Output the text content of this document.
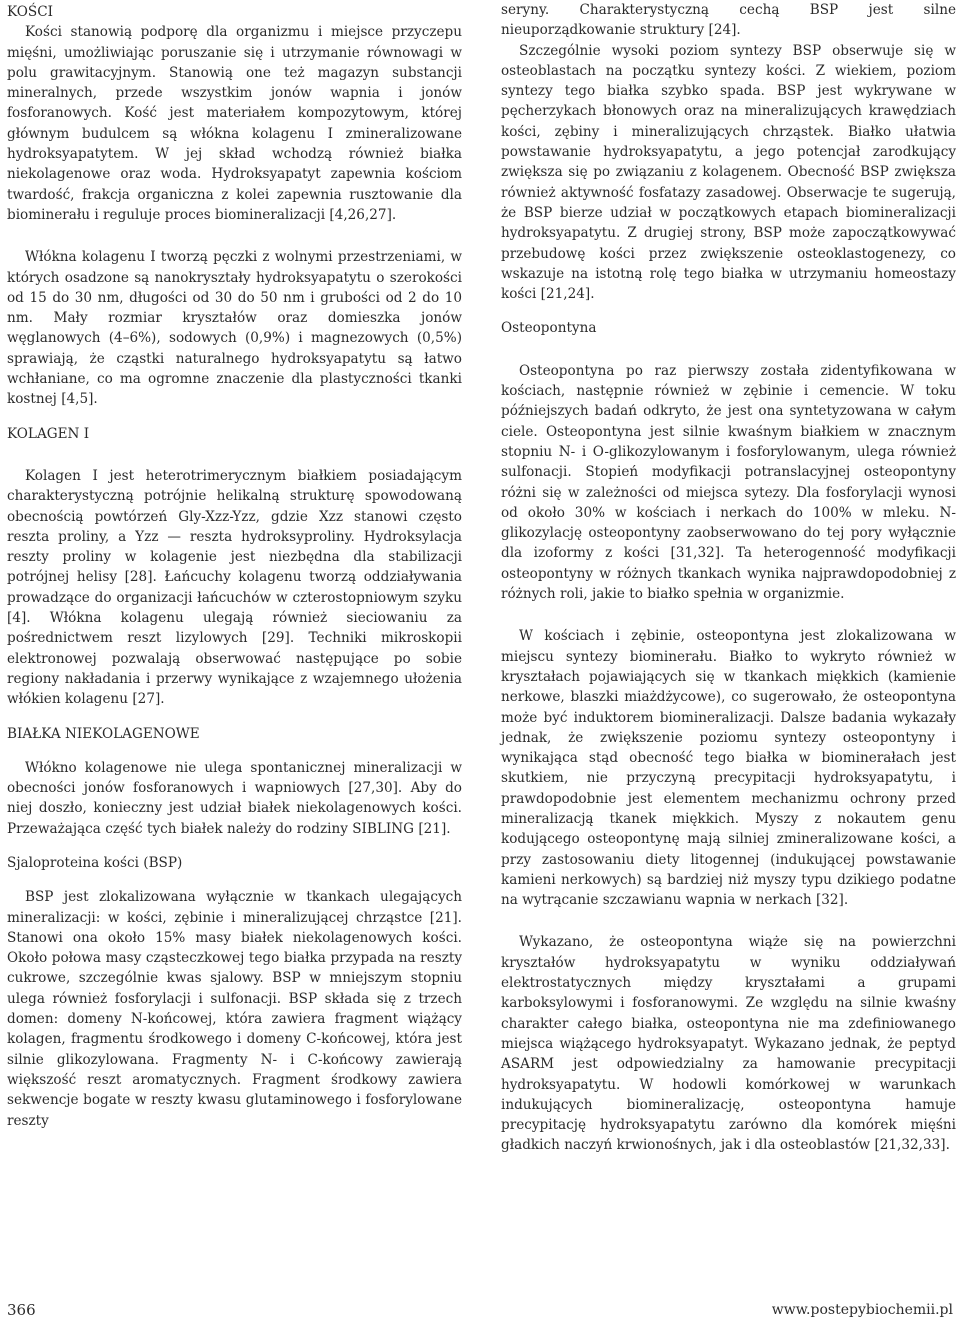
KOŚCI

Kości stanowią podporę dla organizmu i miejsce przyczepu mięśni, umożliwiając poruszanie się i utrzymanie równowagi w polu grawitacyjnym. Stanowią one też magazyn substancji mineralnych, przede wszystkim jonów wapnia i jonów fosforanowych. Kość jest materiałem kompozytowym, której głównym budulcem są włókna kolagenu I zmineralizowane hydroksyapatytem. W jej skład wchodzą również białka niekolagenowe oraz woda. Hydroksyapatyt zapewnia kościom twardość, frakcja organiczna z kolei zapewnia rusztowanie dla biominerału i reguluje proces biomineralizacji [4,26,27].

Włókna kolagenu I tworzą pęczki z wolnymi przestrzeniami, w których osadzone są nanokryształy hydroksyapatytu o szerokości od 15 do 30 nm, długości od 30 do 50 nm i grubości od 2 do 10 nm. Mały rozmiar kryształów oraz domieszka jonów węglanowych (4–6%), sodowych (0,9%) i magnezowych (0,5%) sprawiają, że cząstki naturalnego hydroksyapatytu są łatwo wchłaniane, co ma ogromne znaczenie dla plastyczności tkanki kostnej [4,5].

KOLAGEN I

Kolagen I jest heterotrimerycznym białkiem posiadającym charakterystyczną potrójnie helikalną strukturę spowodowaną obecnością powtórzeń Gly-Xzz-Yzz, gdzie Xzz stanowi często reszta proliny, a Yzz — reszta hydroksyproliny. Hydroksylacja reszty proliny w kolagenie jest niezbędna dla stabilizacji potrójnej helisy [28]. Łańcuchy kolagenu tworzą oddziaływania prowadzące do organizacji łańcuchów w czterostopniowym szyku [4]. Włókna kolagenu ulegają również sieciowaniu za pośrednictwem reszt lizylowych [29]. Techniki mikroskopii elektronowej pozwalają obserwować następujące po sobie regiony nakładania i przerwy wynikające z wzajemnego ułożenia włókien kolagenu [27].

BIAŁKA NIEKOLAGENOWE

Włókno kolagenowe nie ulega spontanicznej mineralizacji w obecności jonów fosforanowych i wapniowych [27,30]. Aby do niej doszło, konieczny jest udział białek niekolagenowych kości. Przeważająca część tych białek należy do rodziny SIBLING [21].

Sjaloproteina kości (BSP)

BSP jest zlokalizowana wyłącznie w tkankach ulegających mineralizacji: w kości, zębinie i mineralizującej chrząstce [21]. Stanowi ona około 15% masy białek niekolagenowych kości. Około połowa masy cząsteczkowej tego białka przypada na reszty cukrowe, szczególnie kwas sjalowy. BSP w mniejszym stopniu ulega również fosforylacji i sulfonacji. BSP składa się z trzech domen: domeny N-końcowej, która zawiera fragment wiążący kolagen, fragmentu środkowego i domeny C-końcowej, która jest silnie glikozylowana. Fragmenty N- i C-końcowy zawierają większość reszt aromatycznych. Fragment środkowy zawiera sekwencje bogate w reszty kwasu glutaminowego i fosforylowane reszty

seryny. Charakterystyczną cechą BSP jest silne nieuporządkowanie struktury [24].

Szczególnie wysoki poziom syntezy BSP obserwuje się w osteoblastach na początku syntezy kości. Z wiekiem, poziom syntezy tego białka szybko spada. BSP jest wykrywane w pęcherzykach błonowych oraz na mineralizujących krawędziach kości, zębiny i mineralizujących chrząstek. Białko ułatwia powstawanie hydroksyapatytu, a jego potencjał zarodkujący zwiększa się po związaniu z kolagenem. Obecność BSP zwiększa również aktywność fosfatazy zasadowej. Obserwacje te sugerują, że BSP bierze udział w początkowych etapach biomineralizacji hydroksyapatytu. Z drugiej strony, BSP może zapoczątkowywać przebudowę kości przez zwiększenie osteoklastogenezy, co wskazuje na istotną rolę tego białka w utrzymaniu homeostazy kości [21,24].

Osteopontyna

Osteopontyna po raz pierwszy została zidentyfikowana w kościach, następnie również w zębinie i cemencie. W toku późniejszych badań odkryto, że jest ona syntetyzowana w całym ciele. Osteopontyna jest silnie kwaśnym białkiem w znacznym stopniu N- i O-glikozylowanym i fosforylowanym, ulega również sulfonacji. Stopień modyfikacji potranslacyjnej osteopontyny różni się w zależności od miejsca sytezy. Dla fosforylacji wynosi od około 30% w kościach i nerkach do 100% w mleku. N-glikozylację osteopontyny zaobserwowano do tej pory wyłącznie dla izoformy z kości [31,32]. Ta heterogenność modyfikacji osteopontyny w różnych tkankach wynika najprawdopodobniej z różnych roli, jakie to białko spełnia w organizmie.

W kościach i zębinie, osteopontyna jest zlokalizowana w miejscu syntezy biominerału. Białko to wykryto również w kryształach pojawiających się w tkankach miękkich (kamienie nerkowe, blaszki miażdżycowe), co sugerowało, że osteopontyna może być induktorem biomineralizacji. Dalsze badania wykazały jednak, że zwiększenie poziomu syntezy osteopontyny i wynikająca stąd obecność tego białka w biominerałach jest skutkiem, nie przyczyną precypitacji hydroksyapatytu, i prawdopodobnie jest elementem mechanizmu ochrony przed mineralizacją tkanek miękkich. Myszy z nokautem genu kodującego osteopontynę mają silniej zmineralizowane kości, a przy zastosowaniu diety litogennej (indukującej powstawanie kamieni nerkowych) są bardziej niż myszy typu dzikiego podatne na wytrącanie szczawianu wapnia w nerkach [32].

Wykazano, że osteopontyna wiąże się na powierzchni kryształów hydroksyapatytu w wyniku oddziaływań elektrostatycznych między kryształami a grupami karboksylowymi i fosforanowymi. Ze względu na silnie kwaśny charakter całego białka, osteopontyna nie ma zdefiniowanego miejsca wiążącego hydroksyapatyt. Wykazano jednak, że peptyd ASARM jest odpowiedzialny za hamowanie precypitacji hydroksyapatytu. W hodowli komórkowej w warunkach indukujących biomineralizację, osteopontyna hamuje precypitację hydroksyapatytu zarówno dla komórek mięśni gładkich naczyń krwionośnych, jak i dla osteoblastów [21,32,33].

366	www.postepybiochemii.pl
